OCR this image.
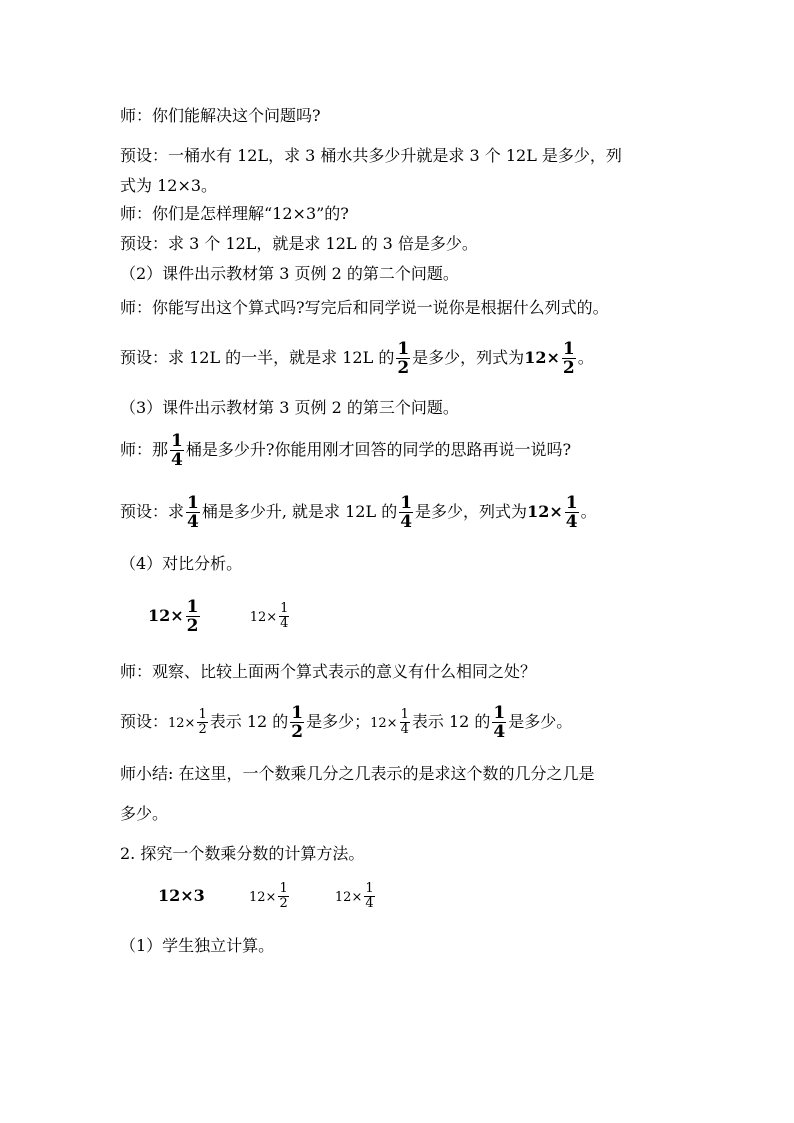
师：你们能解决这个问题吗?
预设：一桶水有 12L，求 3 桶水共多少升就是求 3 个 12L 是多少，列
式为 12×3。
师：你们是怎样理解“12×3”的?
预设：求 3 个 12L，就是求 12L 的 3 倍是多少。
（2）课件出示教材第 3 页例 2 的第二个问题。
师：你能写出这个算式吗?写完后和同学说一说你是根据什么列式的。
预设：求 12L 的一半，就是求 12L 的 $\frac{1}{2}$ 是多少，列式为$12\times \frac{1}{2}$ 。
（3）课件出示教材第 3 页例 2 的第三个问题。
师：那 $\frac{1}{4}$ 桶是多少升?你能用刚才回答的同学的思路再说一说吗?
预设：求 $\frac{1}{4}$ 桶是多少升, 就是求 12L 的 $\frac{1}{4}$ 是多少，列式为$12\times \frac{1}{4}$ 。
（4）对比分析。
$12\times \frac{1}{2}$	$12\times \frac{1}{4}$
师：观察、比较上面两个算式表示的意义有什么相同之处？
预设：$12\times \frac{1}{2}$ 表示 12 的 $\frac{1}{2}$ 是多少；$12\times \frac{1}{4}$ 表示 12 的 $\frac{1}{4}$ 是多少。
师小结: 在这里，一个数乘几分之几表示的是求这个数的几分之几是
多少。
2. 探究一个数乘分数的计算方法。
12×3	$12\times \frac{1}{2}$	$12\times \frac{1}{4}$
（1）学生独立计算。
